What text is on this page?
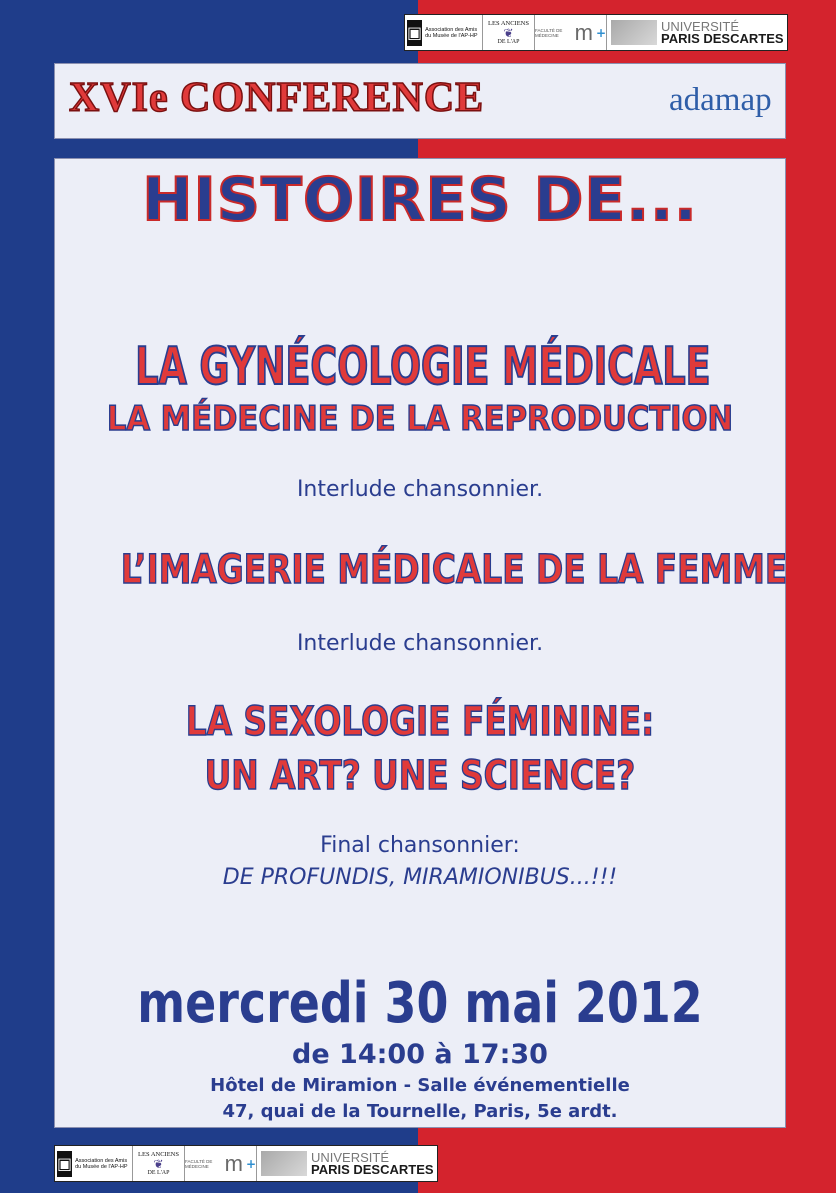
▣ Association des Amis du Musée de l'AP-HP
LES ANCIENS
❦
DE L'AP
FACULTÉ DE MÉDECINE m +	UNIVERSITÉ
PARIS DESCARTES
XVIe CONFERENCE	adamap
HISTOIRES DE...
LA GYNÉCOLOGIE MÉDICALE
LA MÉDECINE DE LA REPRODUCTION
Interlude chansonnier.
L’IMAGERIE MÉDICALE DE LA FEMME
Interlude chansonnier.
LA SEXOLOGIE FÉMININE:
UN ART? UNE SCIENCE?
Final chansonnier:
DE PROFUNDIS, MIRAMIONIBUS...!!!
mercredi 30 mai 2012
de 14:00 à 17:30
Hôtel de Miramion - Salle événementielle
47, quai de la Tournelle, Paris, 5e ardt.
▣ Association des Amis du Musée de l'AP-HP
LES ANCIENS
❦
DE L'AP
FACULTÉ DE MÉDECINE m +	UNIVERSITÉ
PARIS DESCARTES
